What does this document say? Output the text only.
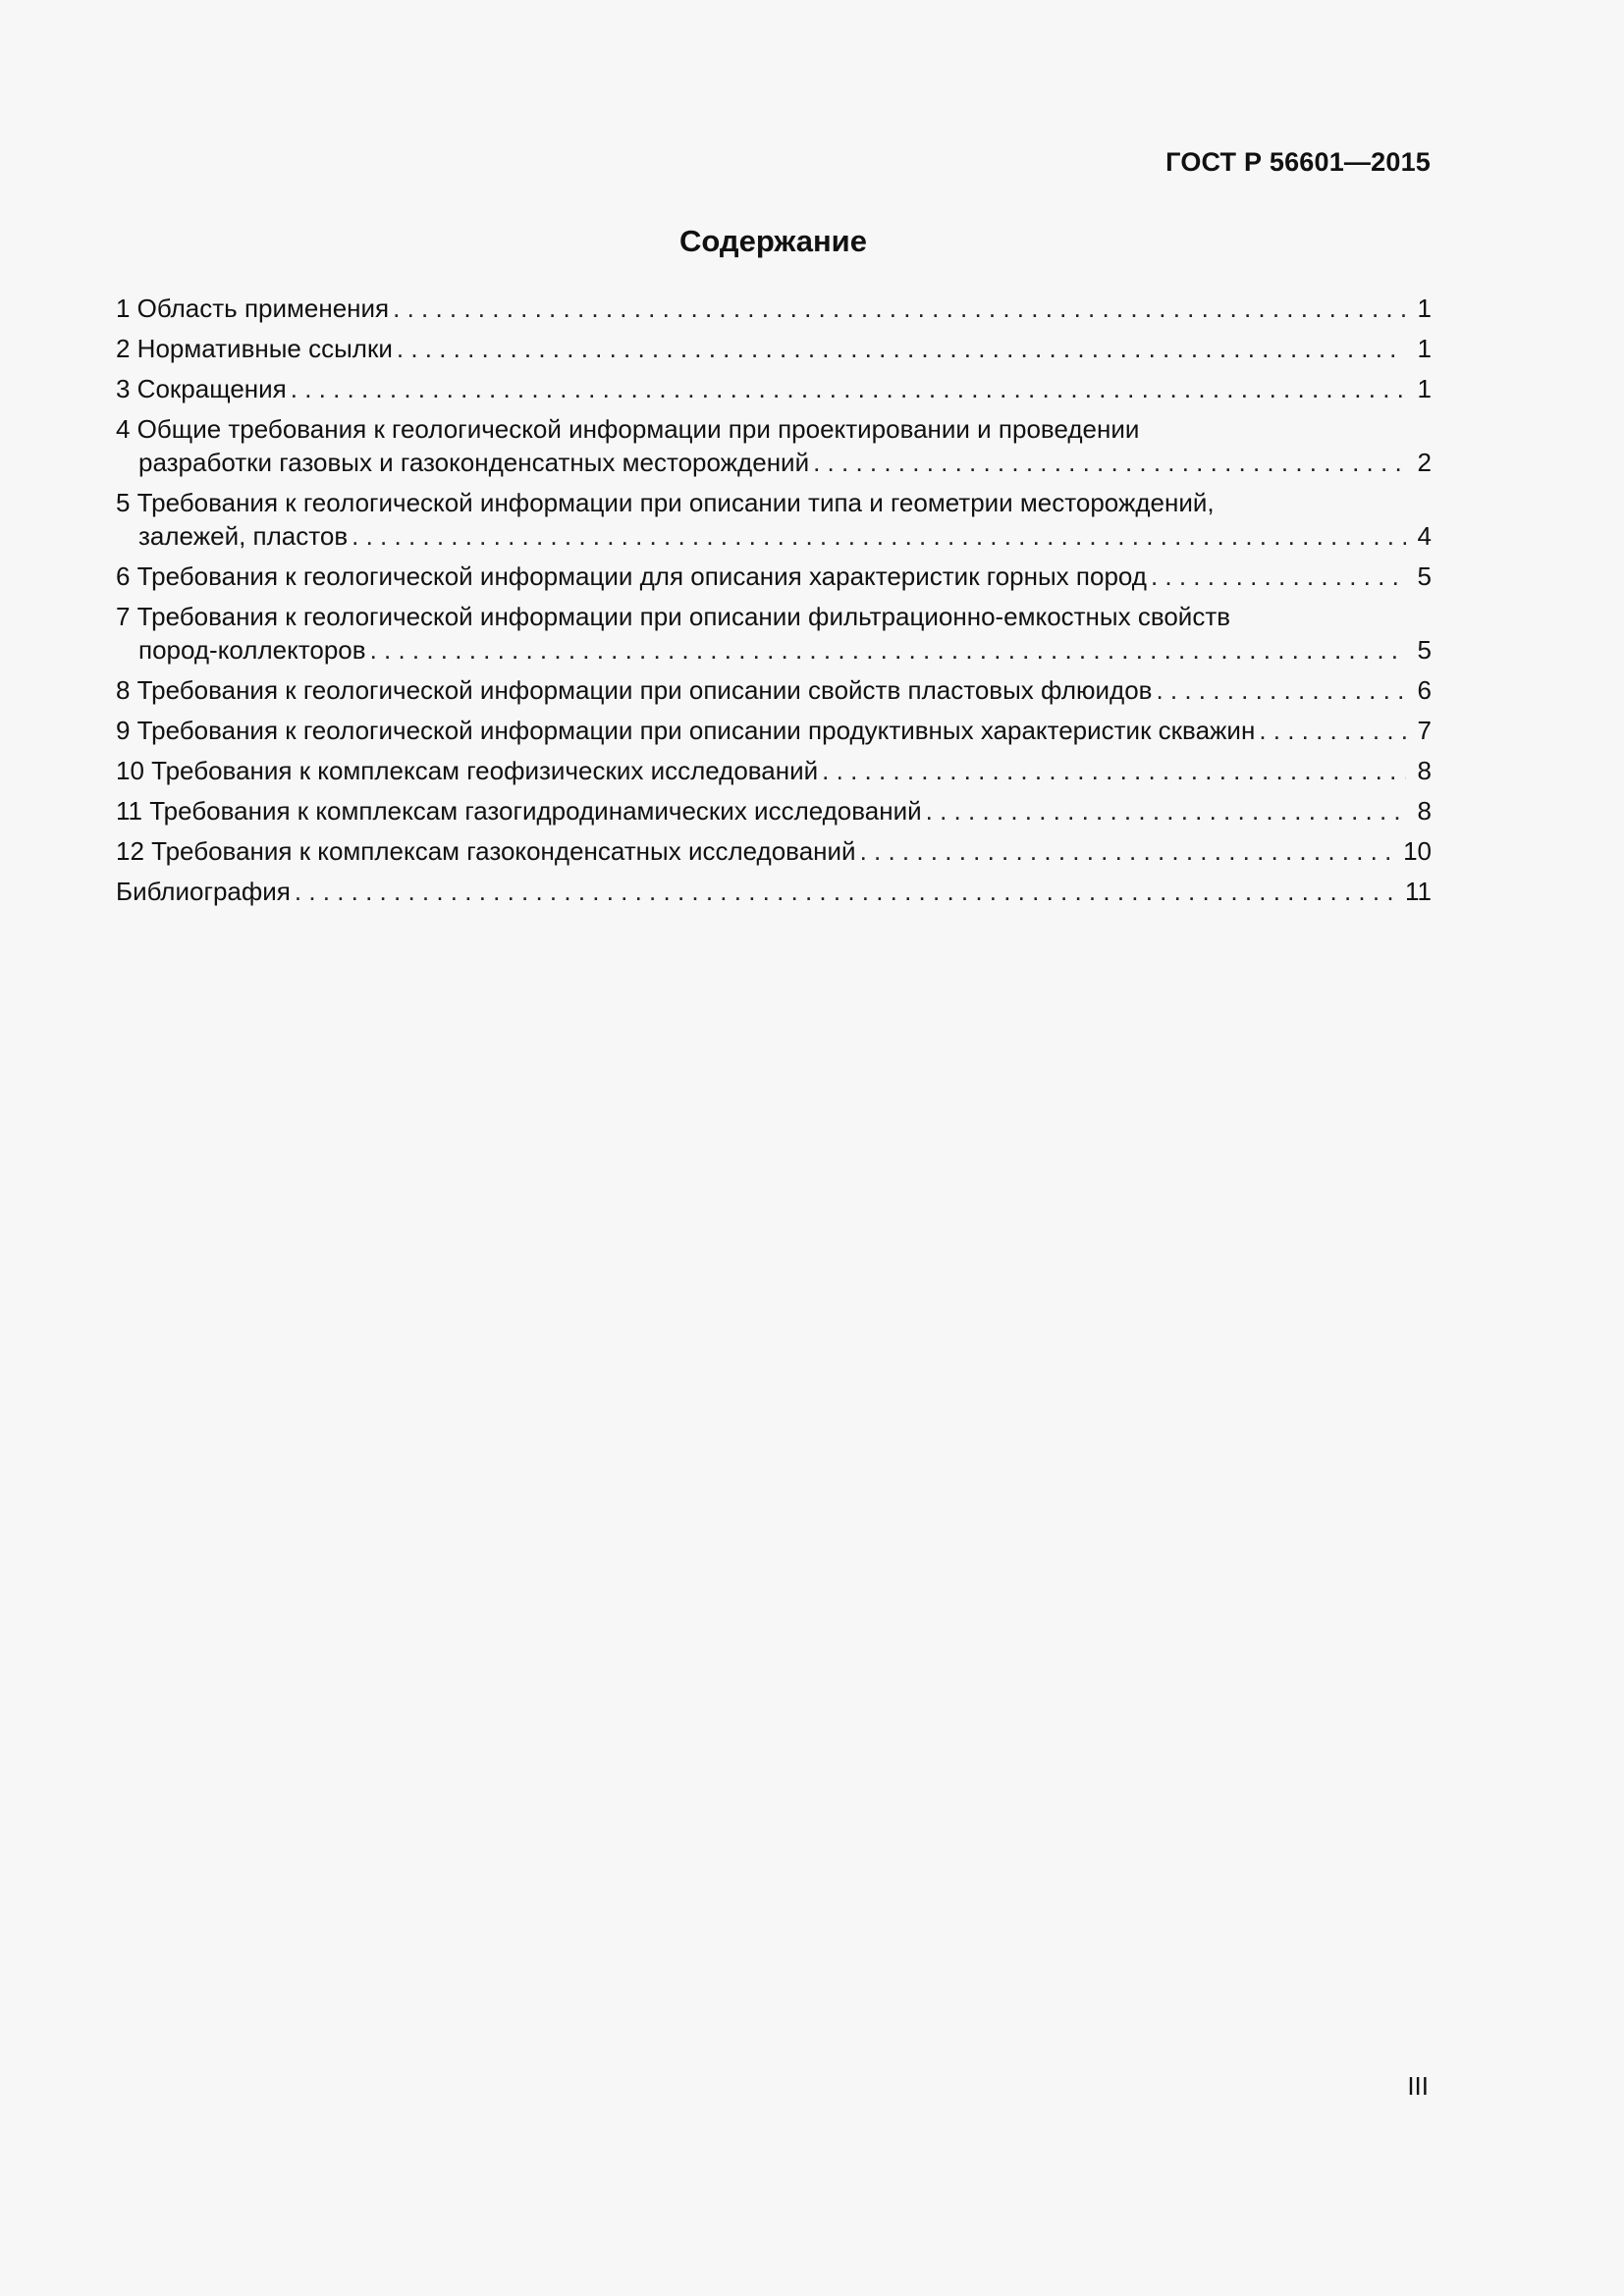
ГОСТ Р 56601—2015
Содержание
1 Область применения . . .	1
2 Нормативные ссылки . . .	1
3 Сокращения . . .	1
4 Общие требования к геологической информации при проектировании и проведении
разработки газовых и газоконденсатных месторождений . . .	2
5 Требования к геологической информации при описании типа и геометрии месторождений,
залежей, пластов . . .	4
6 Требования к геологической информации для описания характеристик горных пород . . .	5
7 Требования к геологической информации при описании фильтрационно-емкостных свойств
пород-коллекторов . . .	5
8 Требования к геологической информации при описании свойств пластовых флюидов . . .	6
9 Требования к геологической информации при описании продуктивных характеристик скважин . . .	7
10 Требования к комплексам геофизических исследований . . .	8
11 Требования к комплексам газогидродинамических исследований . . .	8
12 Требования к комплексам газоконденсатных исследований . . .	10
Библиография . . .	11
III
